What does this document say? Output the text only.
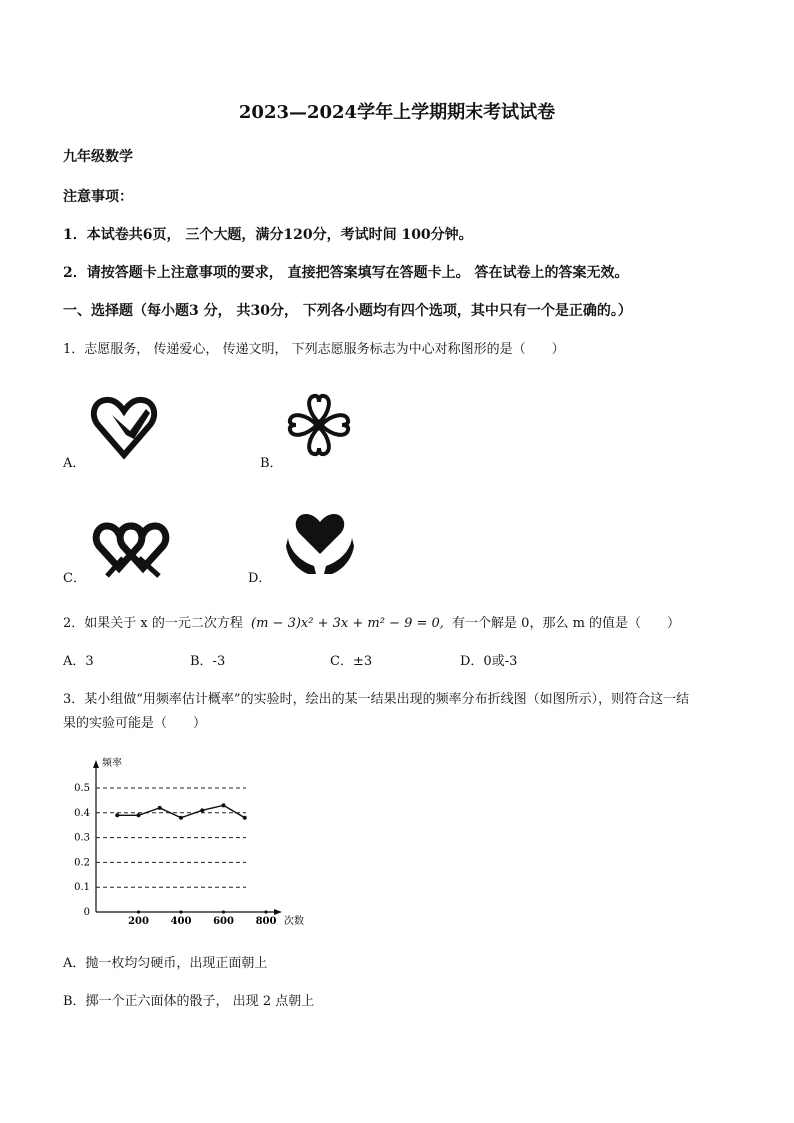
2023—2024学年上学期期末考试试卷
九年级数学
注意事项：
1．本试卷共6页， 三个大题，满分120分，考试时间 100分钟。
2．请按答题卡上注意事项的要求， 直接把答案填写在答题卡上。 答在试卷上的答案无效。
一、选择题（每小题3 分， 共30分， 下列各小题均有四个选项，其中只有一个是正确的。）
1．志愿服务， 传递爱心， 传递文明， 下列志愿服务标志为中心对称图形的是（　　）
A．	B．
C．	D．
2．如果关于 x 的一元二次方程 (m − 3)x² + 3x + m² − 9 = 0, 有一个解是 0，那么 m 的值是（　　）
A．3	B．-3	C．±3	D．0或-3
3．某小组做“用频率估计概率”的实验时，绘出的某一结果出现的频率分布折线图（如图所示），则符合这一结
果的实验可能是（　　）
频率
次数
0.5
0.4
0.3
0.2
0.1
0
200 400 600 800
A．抛一枚均匀硬币，出现正面朝上
B．掷一个正六面体的骰子， 出现 2 点朝上
